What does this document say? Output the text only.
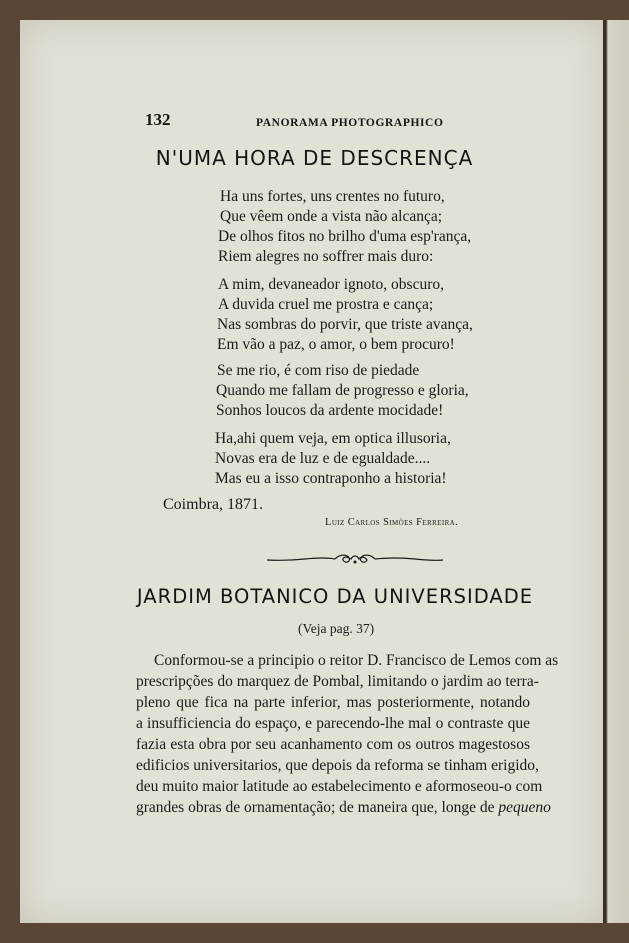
132	PANORAMA PHOTOGRAPHICO
N'UMA HORA DE DESCRENÇA
Ha uns fortes, uns crentes no futuro,
Que vêem onde a vista não alcança;
De olhos fitos no brilho d'uma esp'rança,
Riem alegres no soffrer mais duro:
A mim, devaneador ignoto, obscuro,
A duvida cruel me prostra e cança;
Nas sombras do porvir, que triste avança,
Em vão a paz, o amor, o bem procuro!
Se me rio, é com riso de piedade
Quando me fallam de progresso e gloria,
Sonhos loucos da ardente mocidade!
Ha,ahi quem veja, em optica illusoria,
Novas era de luz e de egualdade....
Mas eu a isso contraponho a historia!
Coimbra, 1871.
Luiz Carlos Simões Ferreira.
JARDIM BOTANICO DA UNIVERSIDADE
(Veja pag. 37)
Conformou-se a principio o reitor D. Francisco de Lemos com as
prescripções do marquez de Pombal, limitando o jardim ao terra-
pleno que fica na parte inferior, mas posteriormente, notando
a insufficiencia do espaço, e parecendo-lhe mal o contraste que
fazia esta obra por seu acanhamento com os outros magestosos
edificios universitarios, que depois da reforma se tinham erigido,
deu muito maior latitude ao estabelecimento e aformoseou-o com
grandes obras de ornamentação; de maneira que, longe de pequeno
